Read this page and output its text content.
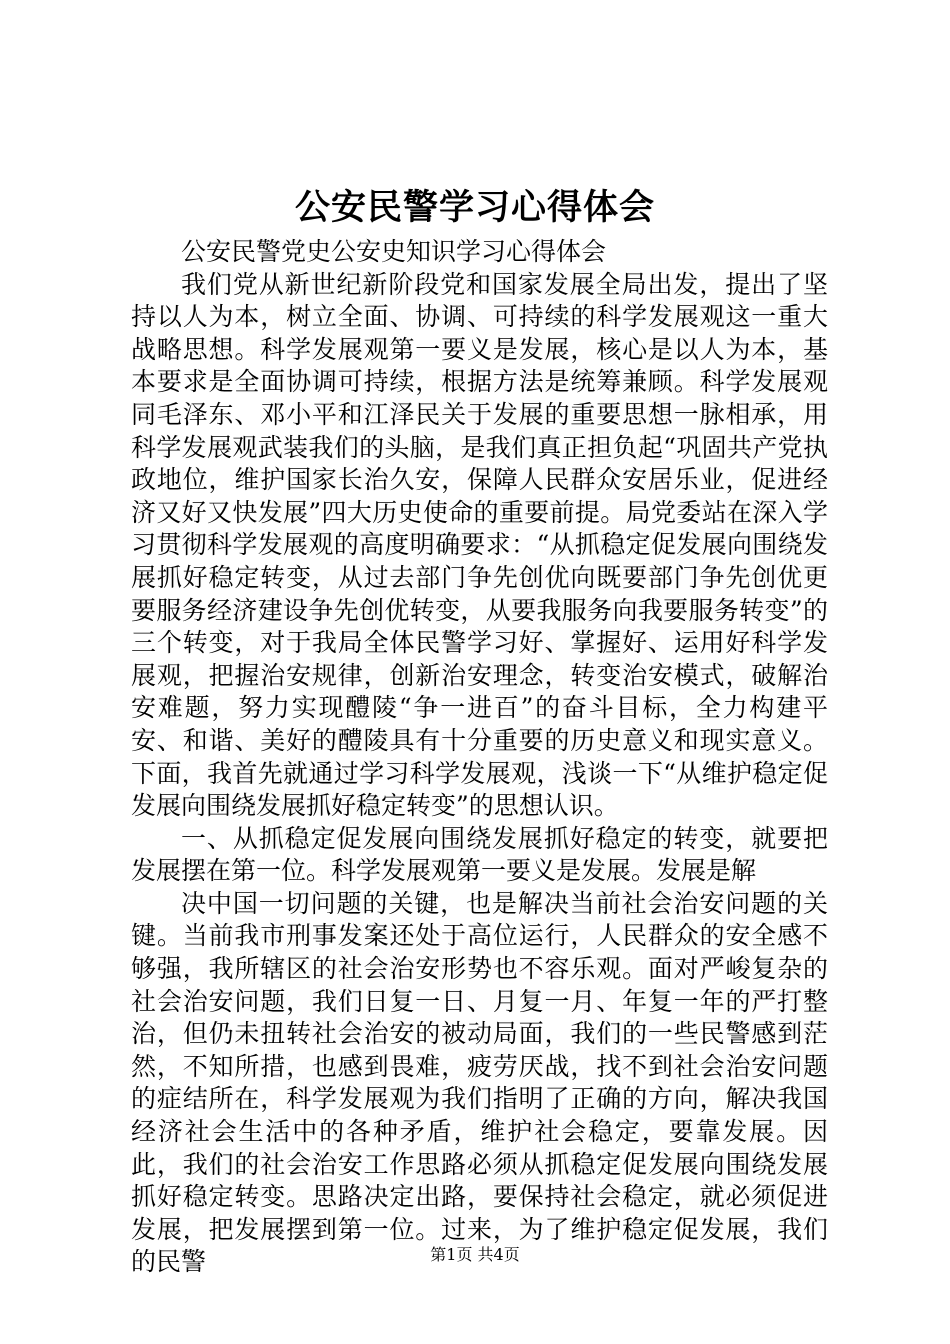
公安民警学习心得体会

公安民警党史公安史知识学习心得体会

我们党从新世纪新阶段党和国家发展全局出发，提出了坚持以人为本，树立全面、协调、可持续的科学发展观这一重大战略思想。科学发展观第一要义是发展，核心是以人为本，基本要求是全面协调可持续，根据方法是统筹兼顾。科学发展观同毛泽东、邓小平和江泽民关于发展的重要思想一脉相承，用科学发展观武装我们的头脑，是我们真正担负起“巩固共产党执政地位，维护国家长治久安，保障人民群众安居乐业，促进经济又好又快发展”四大历史使命的重要前提。局党委站在深入学习贯彻科学发展观的高度明确要求：“从抓稳定促发展向围绕发展抓好稳定转变，从过去部门争先创优向既要部门争先创优更要服务经济建设争先创优转变，从要我服务向我要服务转变”的三个转变，对于我局全体民警学习好、掌握好、运用好科学发展观，把握治安规律，创新治安理念，转变治安模式，破解治安难题，努力实现醴陵“争一进百”的奋斗目标，全力构建平安、和谐、美好的醴陵具有十分重要的历史意义和现实意义。下面，我首先就通过学习科学发展观，浅谈一下“从维护稳定促发展向围绕发展抓好稳定转变”的思想认识。

一、从抓稳定促发展向围绕发展抓好稳定的转变，就要把发展摆在第一位。科学发展观第一要义是发展。发展是解

决中国一切问题的关键，也是解决当前社会治安问题的关键。当前我市刑事发案还处于高位运行，人民群众的安全感不够强，我所辖区的社会治安形势也不容乐观。面对严峻复杂的社会治安问题，我们日复一日、月复一月、年复一年的严打整治，但仍未扭转社会治安的被动局面，我们的一些民警感到茫然，不知所措，也感到畏难，疲劳厌战，找不到社会治安问题的症结所在，科学发展观为我们指明了正确的方向，解决我国经济社会生活中的各种矛盾，维护社会稳定，要靠发展。因此，我们的社会治安工作思路必须从抓稳定促发展向围绕发展抓好稳定转变。思路决定出路，要保持社会稳定，就必须促进发展，把发展摆到第一位。过来，为了维护稳定促发展，我们的民警	第1页 共4页
